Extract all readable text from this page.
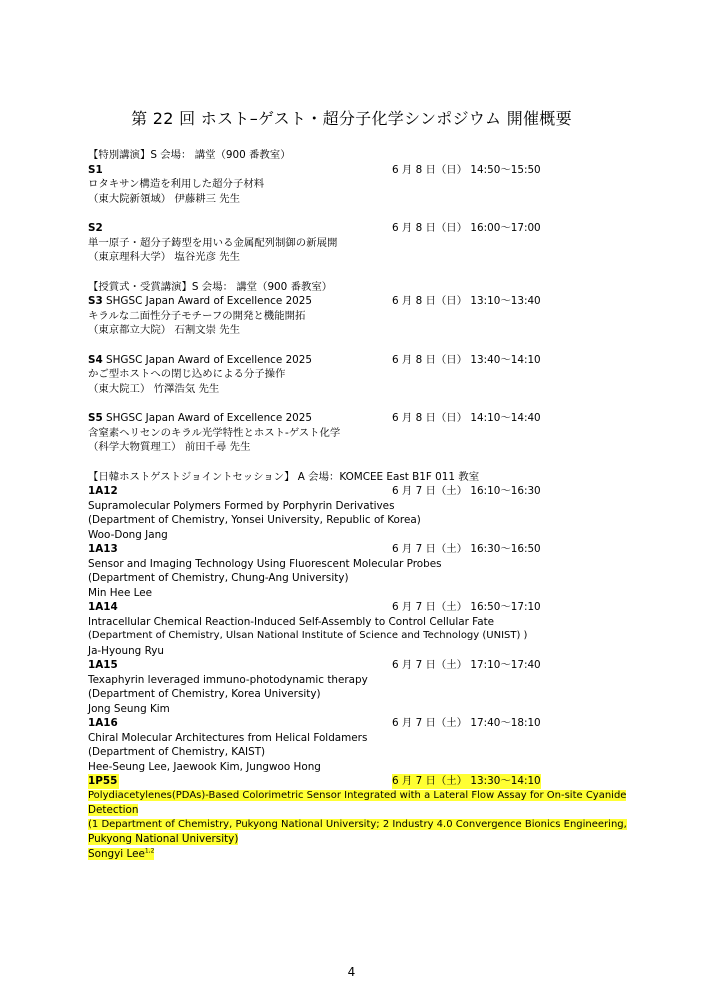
第 22 回 ホスト–ゲスト・超分子化学シンポジウム 開催概要
【特別講演】S 会場： 講堂（900 番教室）
S1	6 月 8 日（日） 14:50～15:50
ロタキサン構造を利用した超分子材料
（東大院新領域） 伊藤耕三 先生
S2	6 月 8 日（日） 16:00～17:00
単一原子・超分子鋳型を用いる金属配列制御の新展開
（東京理科大学） 塩谷光彦 先生
【授賞式・受賞講演】S 会場： 講堂（900 番教室）
S3 SHGSC Japan Award of Excellence 2025	6 月 8 日（日） 13:10～13:40
キラルな二面性分子モチーフの開発と機能開拓
（東京都立大院） 石割文崇 先生
S4 SHGSC Japan Award of Excellence 2025	6 月 8 日（日） 13:40～14:10
かご型ホストへの閉じ込めによる分子操作
（東大院工） 竹澤浩気 先生
S5 SHGSC Japan Award of Excellence 2025	6 月 8 日（日） 14:10～14:40
含窒素ヘリセンのキラル光学特性とホスト-ゲスト化学
（科学大物質理工） 前田千尋 先生
【日韓ホストゲストジョイントセッション】 A 会場：KOMCEE East B1F 011 教室
1A12	6 月 7 日（土） 16:10～16:30
Supramolecular Polymers Formed by Porphyrin Derivatives
(Department of Chemistry, Yonsei University, Republic of Korea)
Woo-Dong Jang
1A13	6 月 7 日（土） 16:30～16:50
Sensor and Imaging Technology Using Fluorescent Molecular Probes
(Department of Chemistry, Chung-Ang University)
Min Hee Lee
1A14	6 月 7 日（土） 16:50～17:10
Intracellular Chemical Reaction-Induced Self-Assembly to Control Cellular Fate
(Department of Chemistry, Ulsan National Institute of Science and Technology (UNIST) )
Ja-Hyoung Ryu
1A15	6 月 7 日（土） 17:10～17:40
Texaphyrin leveraged immuno-photodynamic therapy
(Department of Chemistry, Korea University)
Jong Seung Kim
1A16	6 月 7 日（土） 17:40～18:10
Chiral Molecular Architectures from Helical Foldamers
(Department of Chemistry, KAIST)
Hee-Seung Lee, Jaewook Kim, Jungwoo Hong
1P55	6 月 7 日（土） 13:30～14:10
Polydiacetylenes(PDAs)-Based Colorimetric Sensor Integrated with a Lateral Flow Assay for On-site Cyanide
Detection
(1 Department of Chemistry, Pukyong National University; 2 Industry 4.0 Convergence Bionics Engineering,
Pukyong National University)
Songyi Lee$^{1,2}$
4
